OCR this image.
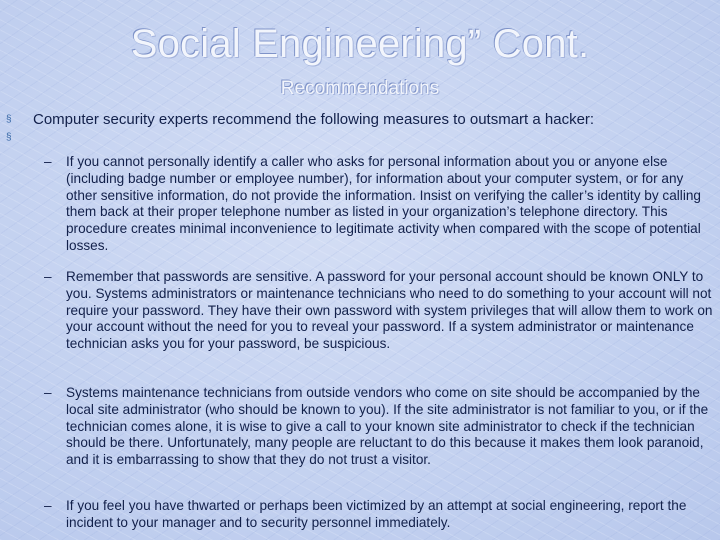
Social Engineering” Cont.
Recommendations
§
§
Computer security experts recommend the following measures to outsmart a hacker:
–	If you cannot personally identify a caller who asks for personal information about you or anyone else (including badge number or employee number), for information about your computer system, or for any other sensitive information, do not provide the information. Insist on verifying the caller’s identity by calling them back at their proper telephone number as listed in your organization’s telephone directory. This procedure creates minimal inconvenience to legitimate activity when compared with the scope of potential losses.
–	Remember that passwords are sensitive. A password for your personal account should be known ONLY to you. Systems administrators or maintenance technicians who need to do something to your account will not require your password. They have their own password with system privileges that will allow them to work on your account without the need for you to reveal your password. If a system administrator or maintenance technician asks you for your password, be suspicious.
–	Systems maintenance technicians from outside vendors who come on site should be accompanied by the local site administrator (who should be known to you). If the site administrator is not familiar to you, or if the technician comes alone, it is wise to give a call to your known site administrator to check if the technician should be there. Unfortunately, many people are reluctant to do this because it makes them look paranoid, and it is embarrassing to show that they do not trust a visitor.
–	If you feel you have thwarted or perhaps been victimized by an attempt at social engineering, report the incident to your manager and to security personnel immediately.
